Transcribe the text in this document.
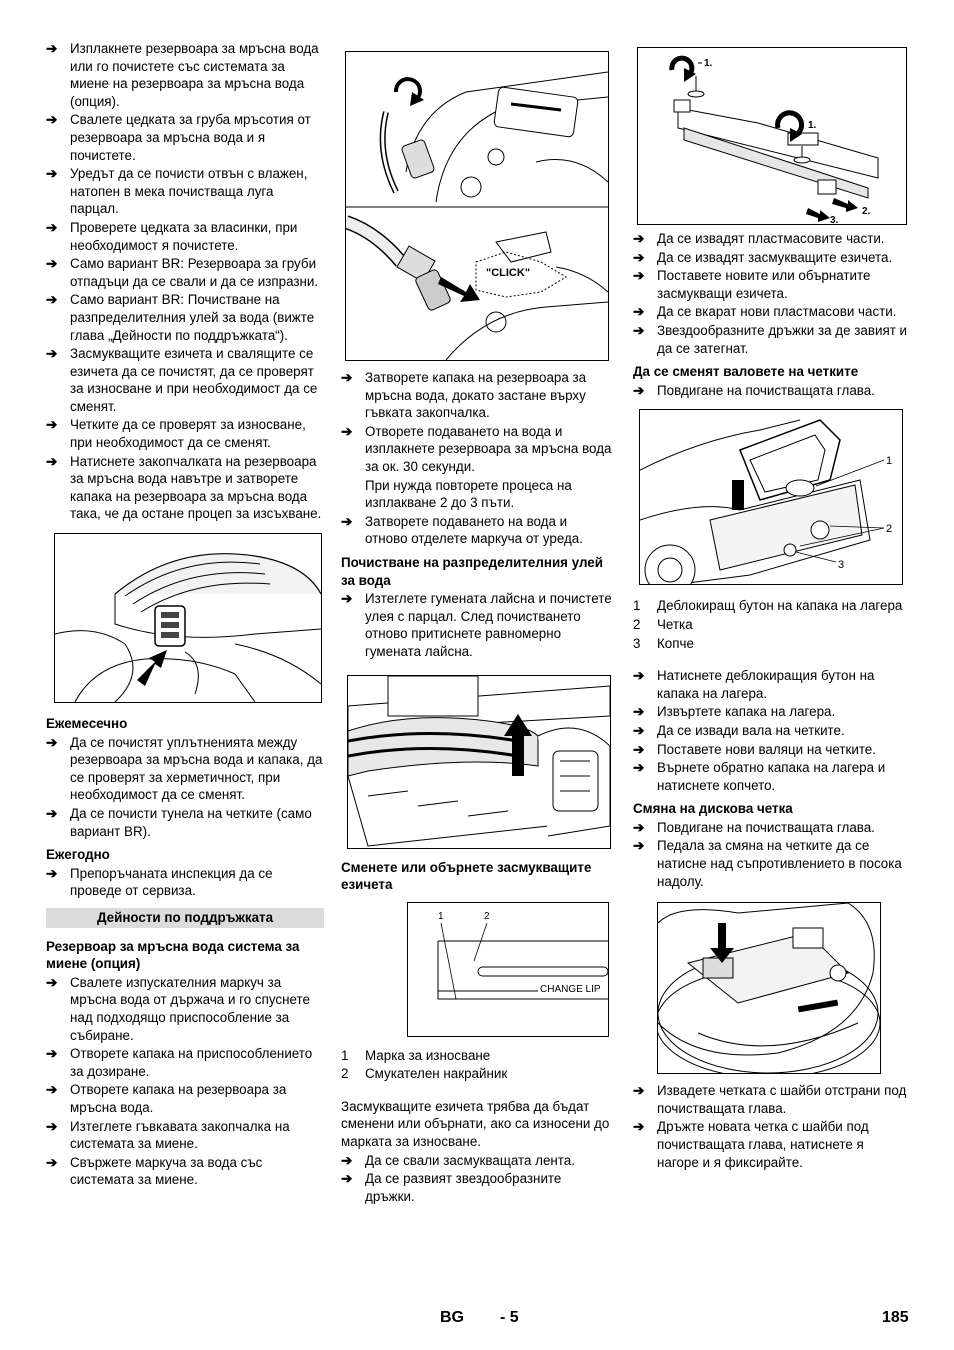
➔ Изплакнете резервоара за мръсна вода или го почистете със системата за миене на резервоара за мръсна вода (опция).
➔ Свалете цедката за груба мръсотия от резервоара за мръсна вода и я почистете.
➔ Уредът да се почисти отвън с влажен, натопен в мека почистваща луга парцал.
➔ Проверете цедката за власинки, при необходимост я почистете.
➔ Само вариант BR: Резервоара за груби отпадъци да се свали и да се изпразни.
➔ Само вариант BR: Почистване на разпределителния улей за вода (вижте глава „Дейности по поддръжката“).
➔ Засмукващите езичета и свалящите се езичета да се почистят, да се проверят за износване и при необходимост да се сменят.
➔ Четките да се проверят за износване, при необходимост да се сменят.
➔ Натиснете закопчалката на резервоара за мръсна вода навътре и затворете капака на резервоара за мръсна вода така, че да остане процеп за изсъхване.
Ежемесечно
➔ Да се почистят уплътненията между резервоара за мръсна вода и капака, да се проверят за херметичност, при необходимост да се сменят.
➔ Да се почисти тунела на четките (само вариант BR).
Ежегодно
➔ Препоръчаната инспекция да се проведе от сервиза.
Дейности по поддръжката
Резервоар за мръсна вода система за миене (опция)
➔ Свалете изпускателния маркуч за мръсна вода от държача и го спуснете над подходящо приспособление за събиране.
➔ Отворете капака на приспособлението за дозиране.
➔ Отворете капака на резервоара за мръсна вода.
➔ Изтеглете гъвкавата закопчалка на системата за миене.
➔ Свържете маркуча за вода със системата за миене.
"CLICK"
➔ Затворете капака на резервоара за мръсна вода, докато застане върху гъвката закопчалка.
➔ Отворете подаването на вода и изплакнете резервоара за мръсна вода за ок. 30 секунди.
При нужда повторете процеса на изплакване 2 до 3 пъти.
➔ Затворете подаването на вода и отново отделете маркуча от уреда.
Почистване на разпределителния улей за вода
➔ Изтеглете гумената лайсна и почистете улея с парцал. След почистването отново притиснете равномерно гумената лайсна.
Сменете или обърнете засмукващите езичета
1	2
CHANGE LIP
1	Марка за износване
2	Смукателен накрайник
Засмукващите езичета трябва да бъдат сменени или обърнати, ако са износени до марката за износване.
➔ Да се свали засмукващата лента.
➔ Да се развият звездообразните дръжки.
1.
1.
2.
3.
➔ Да се извадят пластмасовите части.
➔ Да се извадят засмукващите езичета.
➔ Поставете новите или обърнатите засмукващи езичета.
➔ Да се вкарат нови пластмасови части.
➔ Звездообразните дръжки за де завият и да се затегнат.
Да се сменят валовете на четките
➔ Повдигане на почистващата глава.
1
2
3
1	Деблокиращ бутон на капака на лагера
2	Четка
3	Копче
➔ Натиснете деблокиращия бутон на капака на лагера.
➔ Извъртете капака на лагера.
➔ Да се извади вала на четките.
➔ Поставете нови валяци на четките.
➔ Върнете обратно капака на лагера и натиснете копчето.
Смяна на дискова четка
➔ Повдигане на почистващата глава.
➔ Педала за смяна на четките да се натисне над съпротивлението в посока надолу.
➔ Извадете четката с шайби отстрани под почистващата глава.
➔ Дръжте новата четка с шайби под почистващата глава, натиснете я нагоре и я фиксирайте.
BG - 5	185
